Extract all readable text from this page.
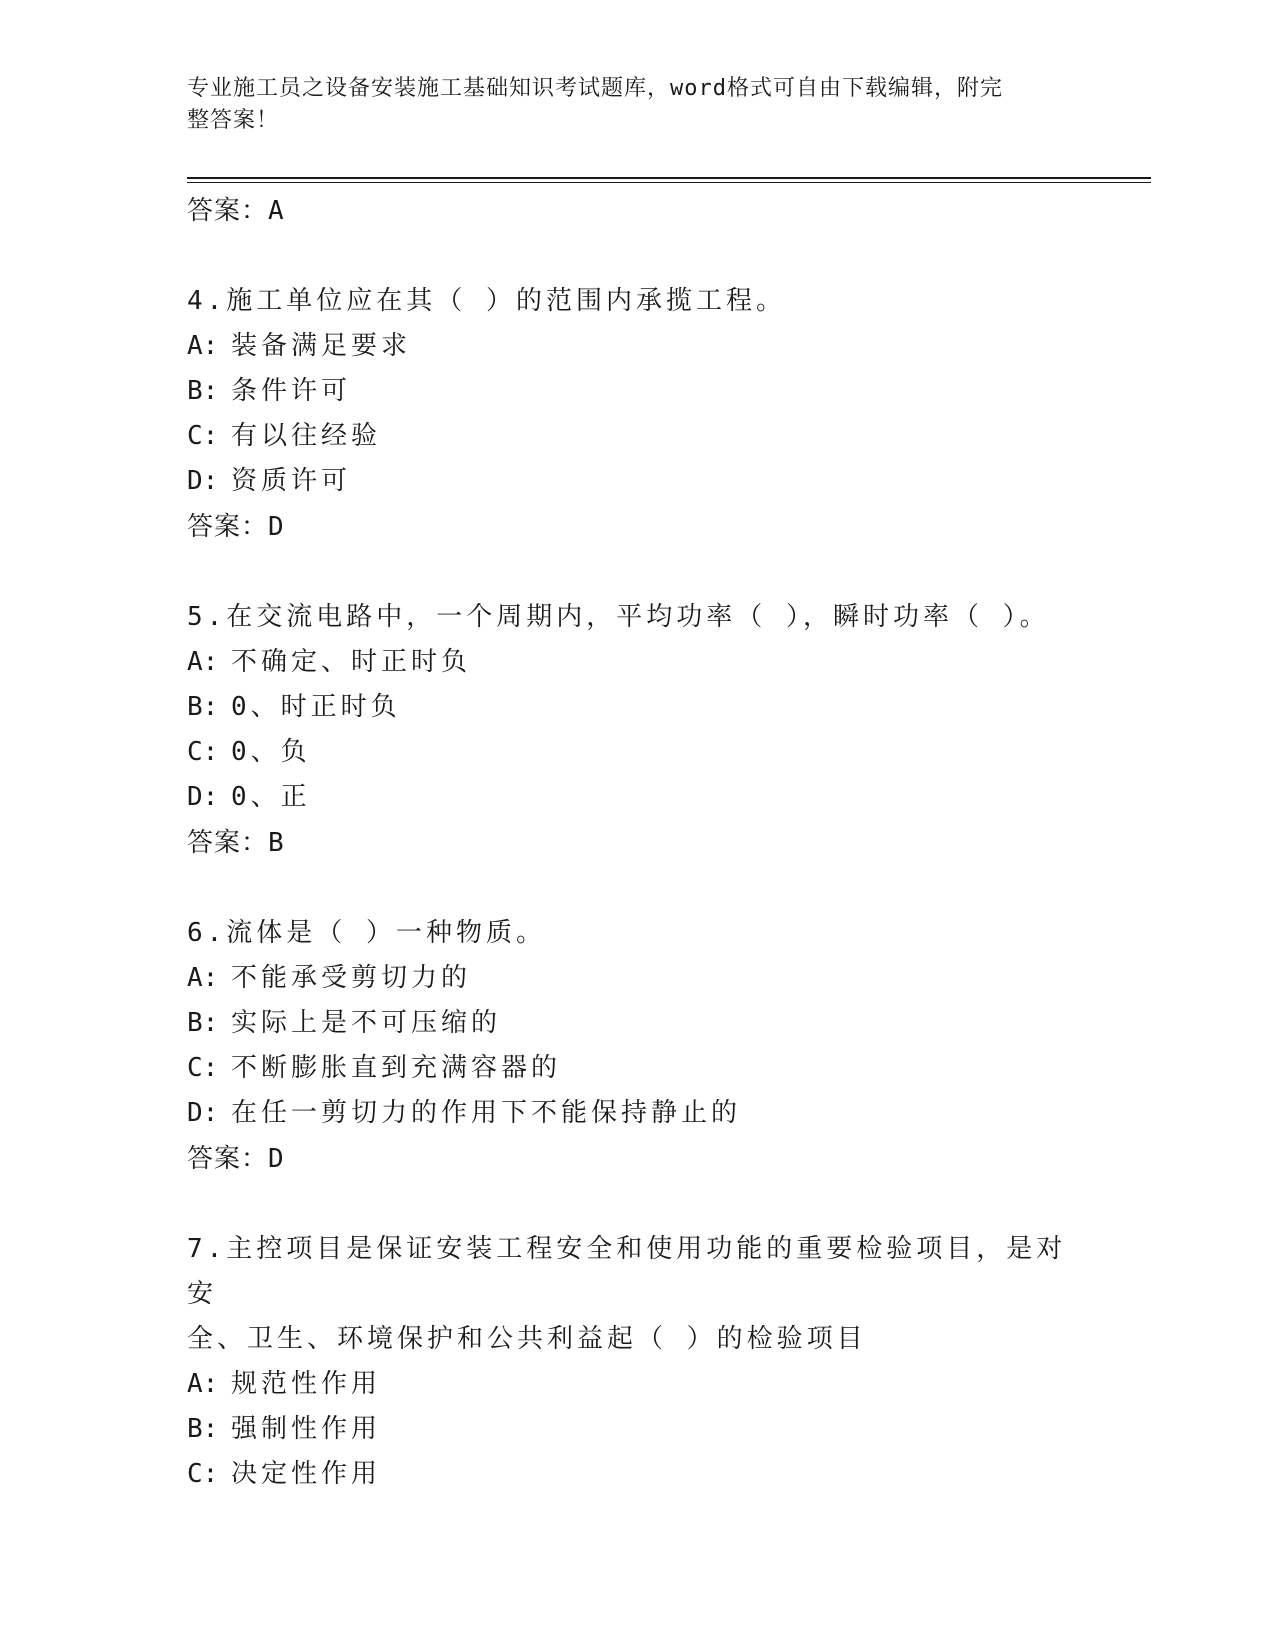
专业施工员之设备安装施工基础知识考试题库，word格式可自由下载编辑，附完
整答案！
答案：A
4.施工单位应在其（ ）的范围内承揽工程。
A: 装备满足要求
B: 条件许可
C: 有以往经验
D: 资质许可
答案：D
5.在交流电路中，一个周期内，平均功率（ ），瞬时功率（ ）。
A: 不确定、时正时负
B: 0、时正时负
C: 0、负
D: 0、正
答案：B
6.流体是（ ）一种物质。
A: 不能承受剪切力的
B: 实际上是不可压缩的
C: 不断膨胀直到充满容器的
D: 在任一剪切力的作用下不能保持静止的
答案：D
7.主控项目是保证安装工程安全和使用功能的重要检验项目，是对安
全、卫生、环境保护和公共利益起（ ）的检验项目
A: 规范性作用
B: 强制性作用
C: 决定性作用
